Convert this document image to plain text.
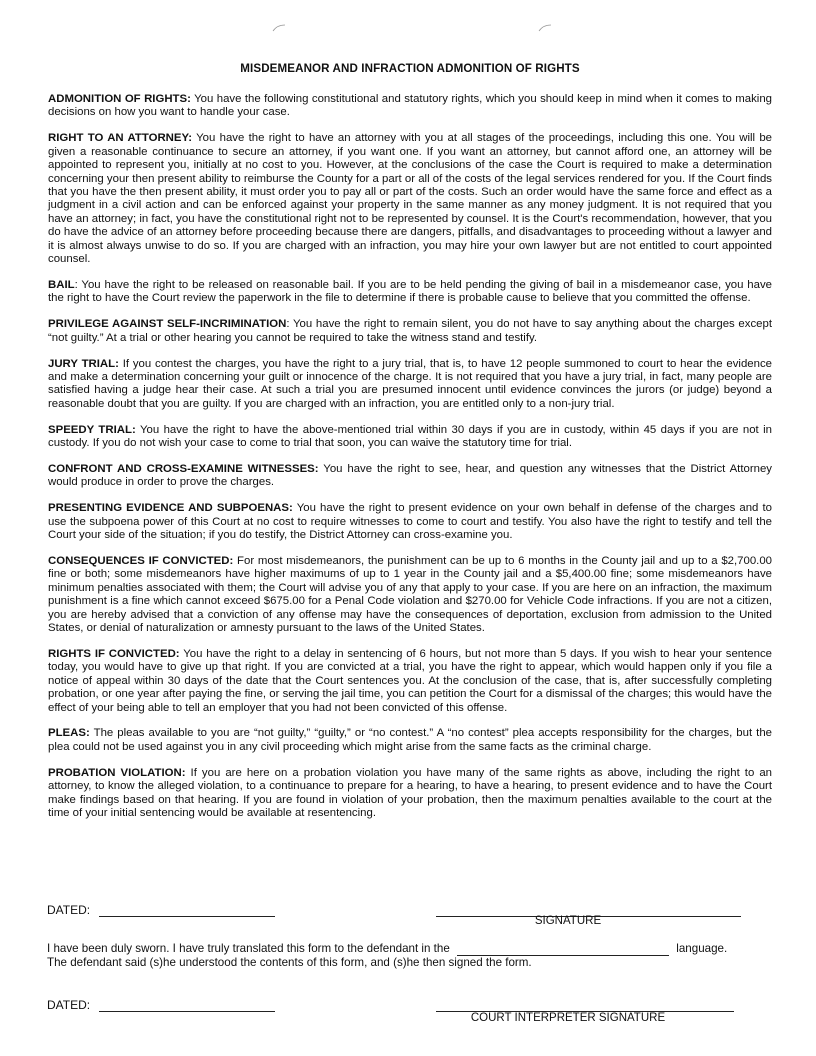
MISDEMEANOR AND INFRACTION ADMONITION OF RIGHTS

ADMONITION OF RIGHTS: You have the following constitutional and statutory rights, which you should keep in mind when it comes to making decisions on how you want to handle your case.

RIGHT TO AN ATTORNEY: You have the right to have an attorney with you at all stages of the proceedings, including this one. You will be given a reasonable continuance to secure an attorney, if you want one. If you want an attorney, but cannot afford one, an attorney will be appointed to represent you, initially at no cost to you. However, at the conclusions of the case the Court is required to make a determination concerning your then present ability to reimburse the County for a part or all of the costs of the legal services rendered for you. If the Court finds that you have the then present ability, it must order you to pay all or part of the costs. Such an order would have the same force and effect as a judgment in a civil action and can be enforced against your property in the same manner as any money judgment. It is not required that you have an attorney; in fact, you have the constitutional right not to be represented by counsel. It is the Court's recommendation, however, that you do have the advice of an attorney before proceeding because there are dangers, pitfalls, and disadvantages to proceeding without a lawyer and it is almost always unwise to do so. If you are charged with an infraction, you may hire your own lawyer but are not entitled to court appointed counsel.

BAIL: You have the right to be released on reasonable bail. If you are to be held pending the giving of bail in a misdemeanor case, you have the right to have the Court review the paperwork in the file to determine if there is probable cause to believe that you committed the offense.

PRIVILEGE AGAINST SELF-INCRIMINATION: You have the right to remain silent, you do not have to say anything about the charges except “not guilty.” At a trial or other hearing you cannot be required to take the witness stand and testify.

JURY TRIAL: If you contest the charges, you have the right to a jury trial, that is, to have 12 people summoned to court to hear the evidence and make a determination concerning your guilt or innocence of the charge. It is not required that you have a jury trial, in fact, many people are satisfied having a judge hear their case. At such a trial you are presumed innocent until evidence convinces the jurors (or judge) beyond a reasonable doubt that you are guilty. If you are charged with an infraction, you are entitled only to a non-jury trial.

SPEEDY TRIAL: You have the right to have the above-mentioned trial within 30 days if you are in custody, within 45 days if you are not in custody. If you do not wish your case to come to trial that soon, you can waive the statutory time for trial.

CONFRONT AND CROSS-EXAMINE WITNESSES: You have the right to see, hear, and question any witnesses that the District Attorney would produce in order to prove the charges.

PRESENTING EVIDENCE AND SUBPOENAS: You have the right to present evidence on your own behalf in defense of the charges and to use the subpoena power of this Court at no cost to require witnesses to come to court and testify. You also have the right to testify and tell the Court your side of the situation; if you do testify, the District Attorney can cross-examine you.

CONSEQUENCES IF CONVICTED: For most misdemeanors, the punishment can be up to 6 months in the County jail and up to a $2,700.00 fine or both; some misdemeanors have higher maximums of up to 1 year in the County jail and a $5,400.00 fine; some misdemeanors have minimum penalties associated with them; the Court will advise you of any that apply to your case. If you are here on an infraction, the maximum punishment is a fine which cannot exceed $675.00 for a Penal Code violation and $270.00 for Vehicle Code infractions. If you are not a citizen, you are hereby advised that a conviction of any offense may have the consequences of deportation, exclusion from admission to the United States, or denial of naturalization or amnesty pursuant to the laws of the United States.

RIGHTS IF CONVICTED: You have the right to a delay in sentencing of 6 hours, but not more than 5 days. If you wish to hear your sentence today, you would have to give up that right. If you are convicted at a trial, you have the right to appear, which would happen only if you file a notice of appeal within 30 days of the date that the Court sentences you. At the conclusion of the case, that is, after successfully completing probation, or one year after paying the fine, or serving the jail time, you can petition the Court for a dismissal of the charges; this would have the effect of your being able to tell an employer that you had not been convicted of this offense.

PLEAS: The pleas available to you are “not guilty,” “guilty,” or “no contest.” A “no contest” plea accepts responsibility for the charges, but the plea could not be used against you in any civil proceeding which might arise from the same facts as the criminal charge.

PROBATION VIOLATION: If you are here on a probation violation you have many of the same rights as above, including the right to an attorney, to know the alleged violation, to a continuance to prepare for a hearing, to have a hearing, to present evidence and to have the Court make findings based on that hearing. If you are found in violation of your probation, then the maximum penalties available to the court at the time of your initial sentencing would be available at resentencing.

DATED:
SIGNATURE
I have been duly sworn. I have truly translated this form to the defendant in the	language.
The defendant said (s)he understood the contents of this form, and (s)he then signed the form.
DATED:
COURT INTERPRETER SIGNATURE
